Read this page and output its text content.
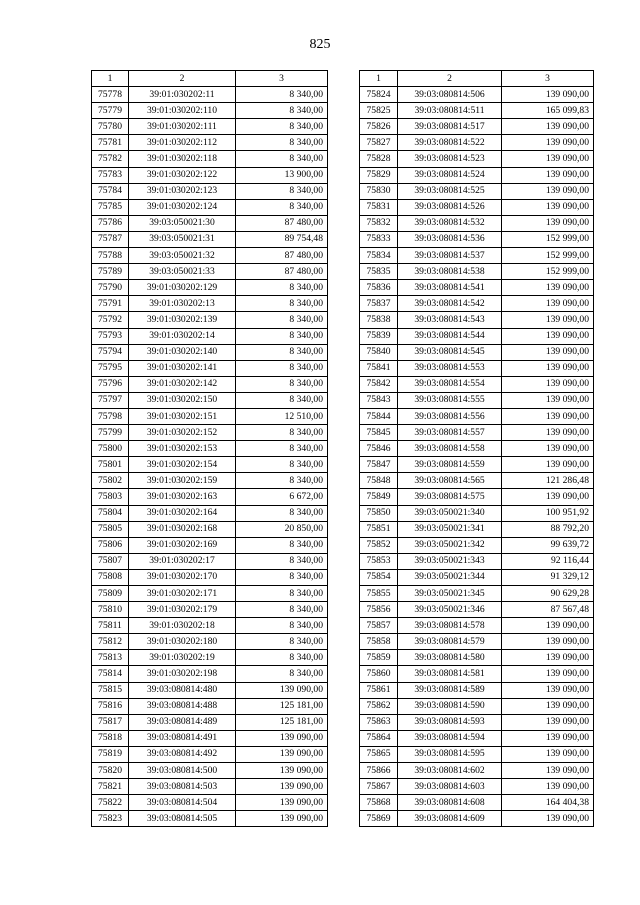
825
1	2	3
75778	39:01:030202:11	8 340,00
75779	39:01:030202:110	8 340,00
75780	39:01:030202:111	8 340,00
75781	39:01:030202:112	8 340,00
75782	39:01:030202:118	8 340,00
75783	39:01:030202:122	13 900,00
75784	39:01:030202:123	8 340,00
75785	39:01:030202:124	8 340,00
75786	39:03:050021:30	87 480,00
75787	39:03:050021:31	89 754,48
75788	39:03:050021:32	87 480,00
75789	39:03:050021:33	87 480,00
75790	39:01:030202:129	8 340,00
75791	39:01:030202:13	8 340,00
75792	39:01:030202:139	8 340,00
75793	39:01:030202:14	8 340,00
75794	39:01:030202:140	8 340,00
75795	39:01:030202:141	8 340,00
75796	39:01:030202:142	8 340,00
75797	39:01:030202:150	8 340,00
75798	39:01:030202:151	12 510,00
75799	39:01:030202:152	8 340,00
75800	39:01:030202:153	8 340,00
75801	39:01:030202:154	8 340,00
75802	39:01:030202:159	8 340,00
75803	39:01:030202:163	6 672,00
75804	39:01:030202:164	8 340,00
75805	39:01:030202:168	20 850,00
75806	39:01:030202:169	8 340,00
75807	39:01:030202:17	8 340,00
75808	39:01:030202:170	8 340,00
75809	39:01:030202:171	8 340,00
75810	39:01:030202:179	8 340,00
75811	39:01:030202:18	8 340,00
75812	39:01:030202:180	8 340,00
75813	39:01:030202:19	8 340,00
75814	39:01:030202:198	8 340,00
75815	39:03:080814:480	139 090,00
75816	39:03:080814:488	125 181,00
75817	39:03:080814:489	125 181,00
75818	39:03:080814:491	139 090,00
75819	39:03:080814:492	139 090,00
75820	39:03:080814:500	139 090,00
75821	39:03:080814:503	139 090,00
75822	39:03:080814:504	139 090,00
75823	39:03:080814:505	139 090,00
1	2	3
75824	39:03:080814:506	139 090,00
75825	39:03:080814:511	165 099,83
75826	39:03:080814:517	139 090,00
75827	39:03:080814:522	139 090,00
75828	39:03:080814:523	139 090,00
75829	39:03:080814:524	139 090,00
75830	39:03:080814:525	139 090,00
75831	39:03:080814:526	139 090,00
75832	39:03:080814:532	139 090,00
75833	39:03:080814:536	152 999,00
75834	39:03:080814:537	152 999,00
75835	39:03:080814:538	152 999,00
75836	39:03:080814:541	139 090,00
75837	39:03:080814:542	139 090,00
75838	39:03:080814:543	139 090,00
75839	39:03:080814:544	139 090,00
75840	39:03:080814:545	139 090,00
75841	39:03:080814:553	139 090,00
75842	39:03:080814:554	139 090,00
75843	39:03:080814:555	139 090,00
75844	39:03:080814:556	139 090,00
75845	39:03:080814:557	139 090,00
75846	39:03:080814:558	139 090,00
75847	39:03:080814:559	139 090,00
75848	39:03:080814:565	121 286,48
75849	39:03:080814:575	139 090,00
75850	39:03:050021:340	100 951,92
75851	39:03:050021:341	88 792,20
75852	39:03:050021:342	99 639,72
75853	39:03:050021:343	92 116,44
75854	39:03:050021:344	91 329,12
75855	39:03:050021:345	90 629,28
75856	39:03:050021:346	87 567,48
75857	39:03:080814:578	139 090,00
75858	39:03:080814:579	139 090,00
75859	39:03:080814:580	139 090,00
75860	39:03:080814:581	139 090,00
75861	39:03:080814:589	139 090,00
75862	39:03:080814:590	139 090,00
75863	39:03:080814:593	139 090,00
75864	39:03:080814:594	139 090,00
75865	39:03:080814:595	139 090,00
75866	39:03:080814:602	139 090,00
75867	39:03:080814:603	139 090,00
75868	39:03:080814:608	164 404,38
75869	39:03:080814:609	139 090,00
